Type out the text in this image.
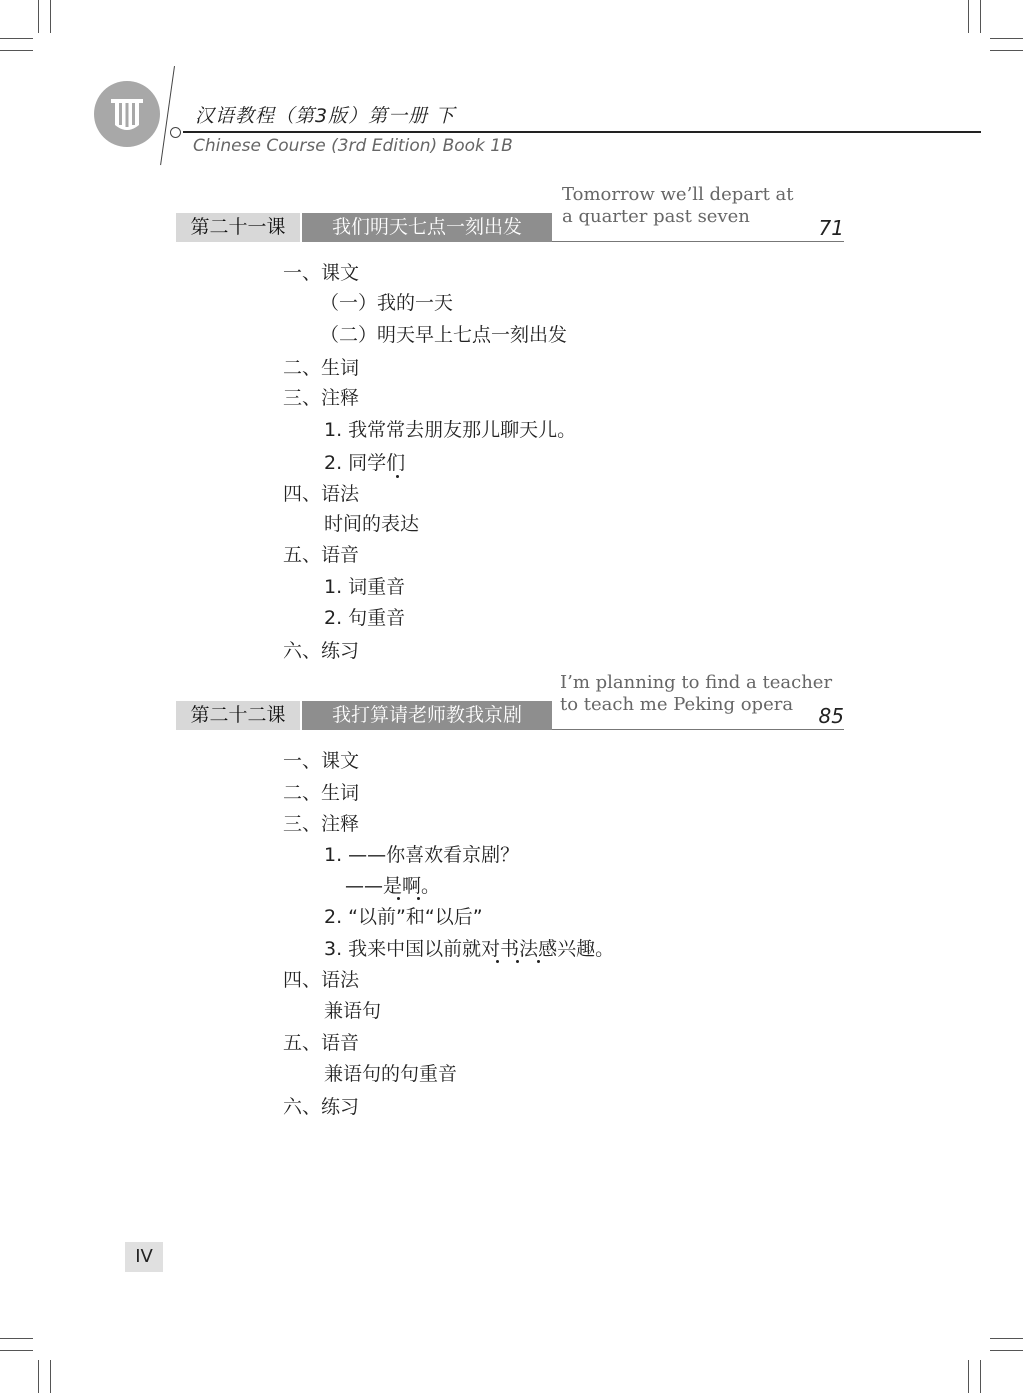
汉语教程（第3版）第一册 下
Chinese Course (3rd Edition) Book 1B
第二十一课	我们明天七点一刻出发
Tomorrow we’ll depart at
a quarter past seven	71
一、课文
（一）我的一天
（二）明天早上七点一刻出发
二、生词
三、注释
1. 我常常去朋友那儿聊天儿。
2. 同学们
四、语法
时间的表达
五、语音
1. 词重音
2. 句重音
六、练习
第二十二课	我打算请老师教我京剧
I’m planning to find a teacher
to teach me Peking opera	85
一、课文
二、生词
三、注释
1. ——你喜欢看京剧？
——是啊。
2. “以前”和“以后”
3. 我来中国以前就对书法感兴趣。
四、语法
兼语句
五、语音
兼语句的句重音
六、练习
IV
